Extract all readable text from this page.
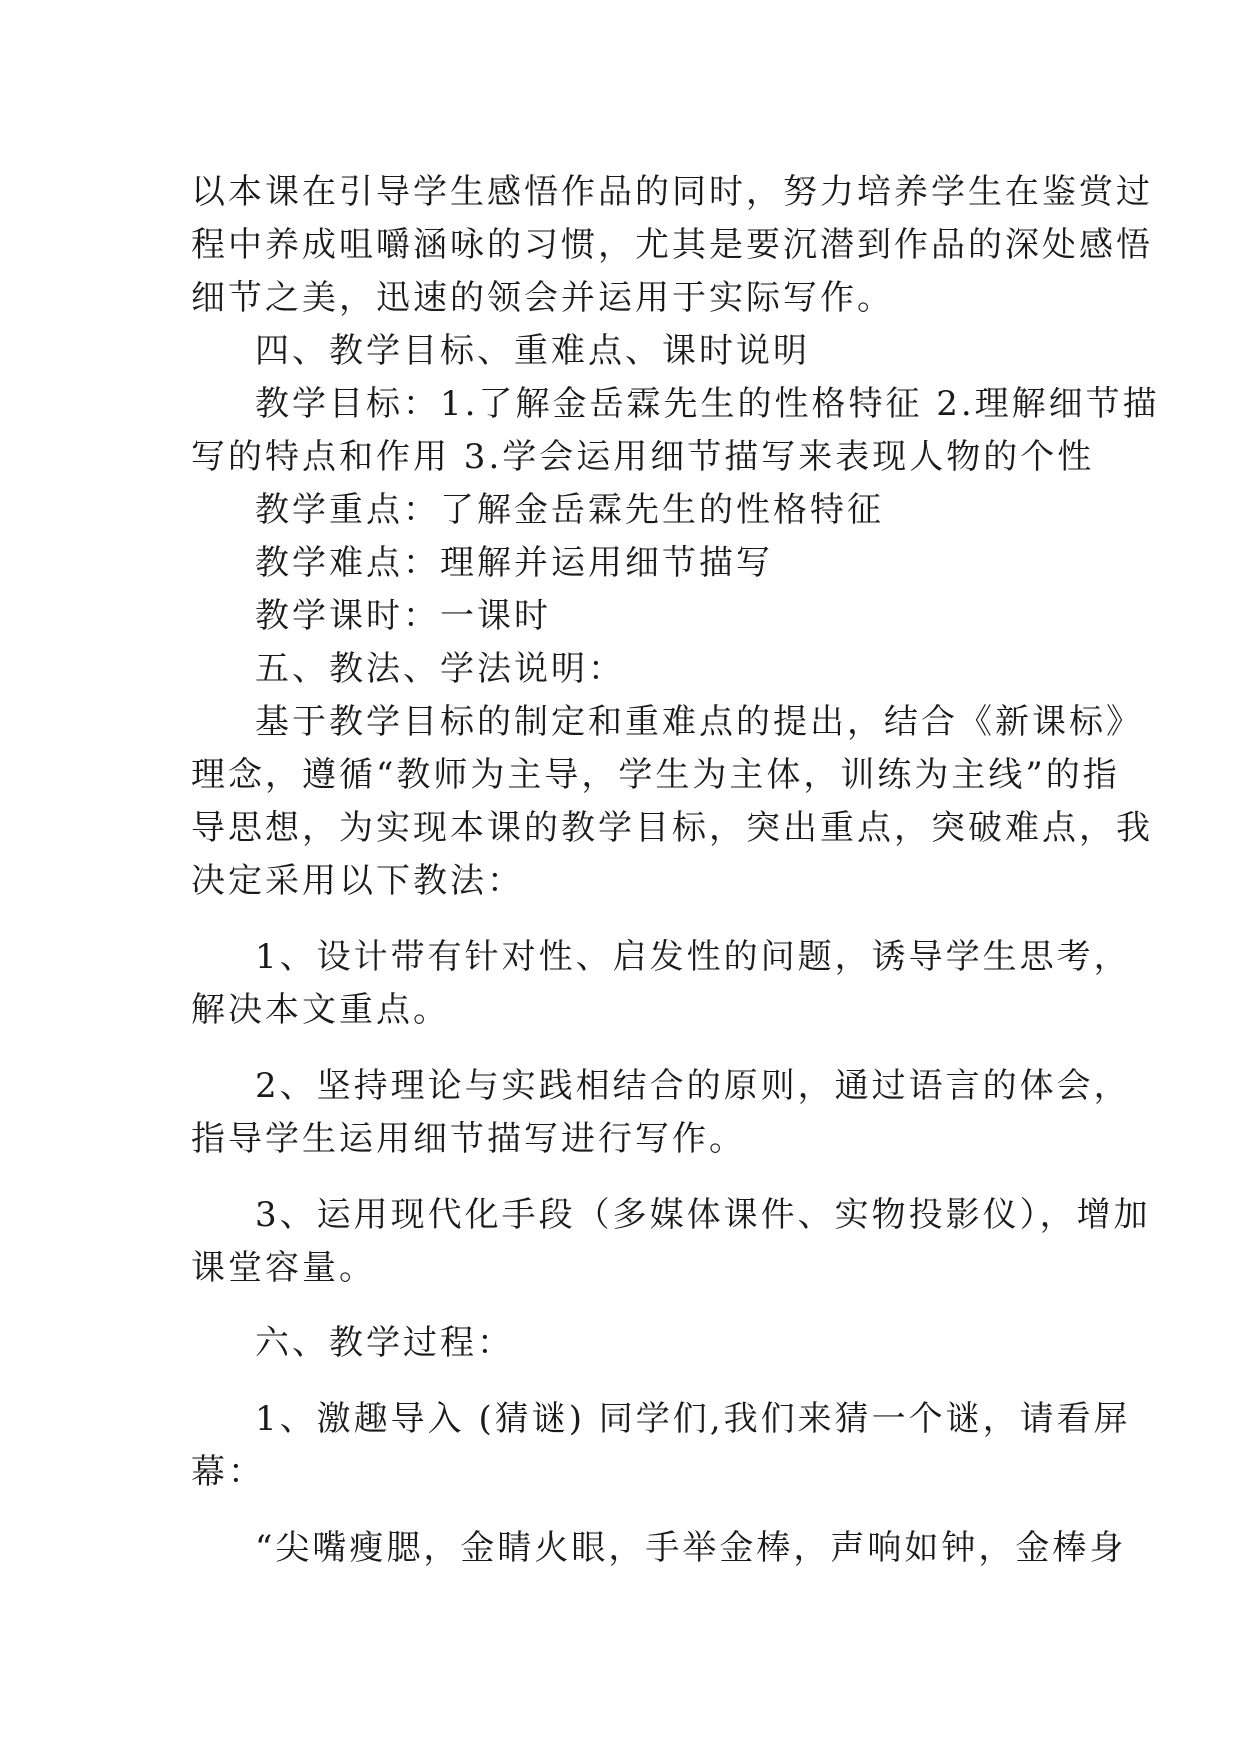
以本课在引导学生感悟作品的同时，努力培养学生在鉴赏过
程中养成咀嚼涵咏的习惯，尤其是要沉潜到作品的深处感悟
细节之美，迅速的领会并运用于实际写作。
四、教学目标、重难点、课时说明
教学目标：1.了解金岳霖先生的性格特征 2.理解细节描
写的特点和作用 3.学会运用细节描写来表现人物的个性
教学重点：了解金岳霖先生的性格特征
教学难点：理解并运用细节描写
教学课时：一课时
五、教法、学法说明：
基于教学目标的制定和重难点的提出，结合《新课标》
理念，遵循“教师为主导，学生为主体，训练为主线”的指
导思想，为实现本课的教学目标，突出重点，突破难点，我
决定采用以下教法：
1、设计带有针对性、启发性的问题，诱导学生思考，
解决本文重点。
2、坚持理论与实践相结合的原则，通过语言的体会，
指导学生运用细节描写进行写作。
3、运用现代化手段（多媒体课件、实物投影仪），增加
课堂容量。
六、教学过程：
1、激趣导入 (猜谜) 同学们,我们来猜一个谜，请看屏
幕：
“尖嘴瘦腮，金睛火眼，手举金棒，声响如钟，金棒身
